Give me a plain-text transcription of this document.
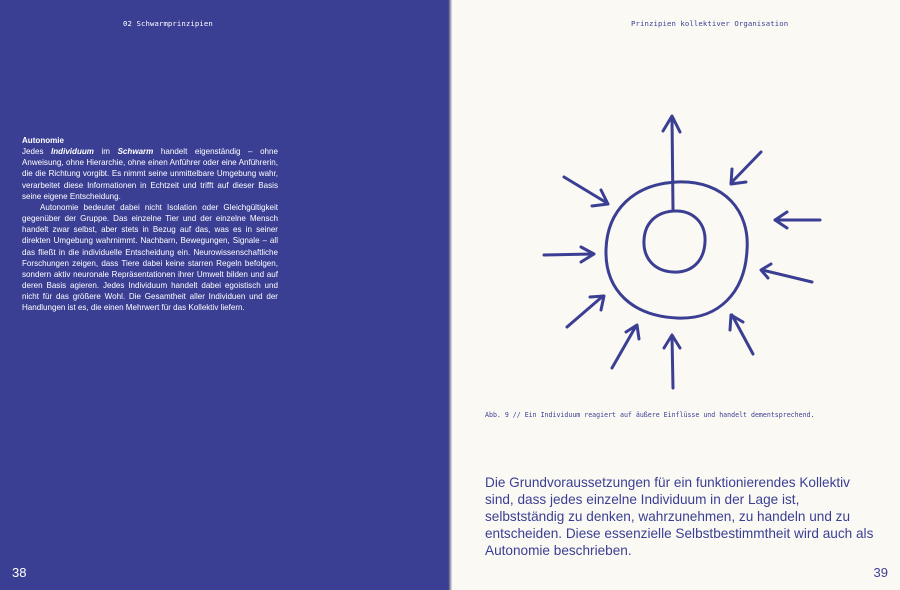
02 Schwarmprinzipien

Autonomie

Jedes Individuum im Schwarm handelt eigenständig – ohne Anweisung, ohne Hierarchie, ohne einen Anführer oder eine Anführerin, die die Richtung vorgibt. Es nimmt seine unmittelbare Umgebung wahr, verarbeitet diese Informationen in Echtzeit und trifft auf dieser Basis seine eigene Entscheidung.

Autonomie bedeutet dabei nicht Isolation oder Gleichgültigkeit gegenüber der Gruppe. Das einzelne Tier und der einzelne Mensch handelt zwar selbst, aber stets in Bezug auf das, was es in seiner direkten Umgebung wahrnimmt. Nachbarn, Bewegungen, Signale – all das fließt in die individuelle Entscheidung ein. Neurowissenschaftliche Forschungen zeigen, dass Tiere dabei keine starren Regeln befolgen, sondern aktiv neuronale Repräsentationen ihrer Umwelt bilden und auf deren Basis agieren. Jedes Individuum handelt dabei egoistisch und nicht für das größere Wohl. Die Gesamtheit aller Individuen und der Handlungen ist es, die einen Mehrwert für das Kollektiv liefern.

38
Prinzipien kollektiver Organisation
Abb. 9 // Ein Individuum reagiert auf äußere Einflüsse und handelt dementsprechend.

Die Grundvoraussetzungen für ein funktionierendes Kollektiv sind, dass jedes einzelne Individuum in der Lage ist, selbstständig zu denken, wahrzunehmen, zu handeln und zu entscheiden. Diese essenzielle Selbstbestimmtheit wird auch als Autonomie beschrieben.

39
